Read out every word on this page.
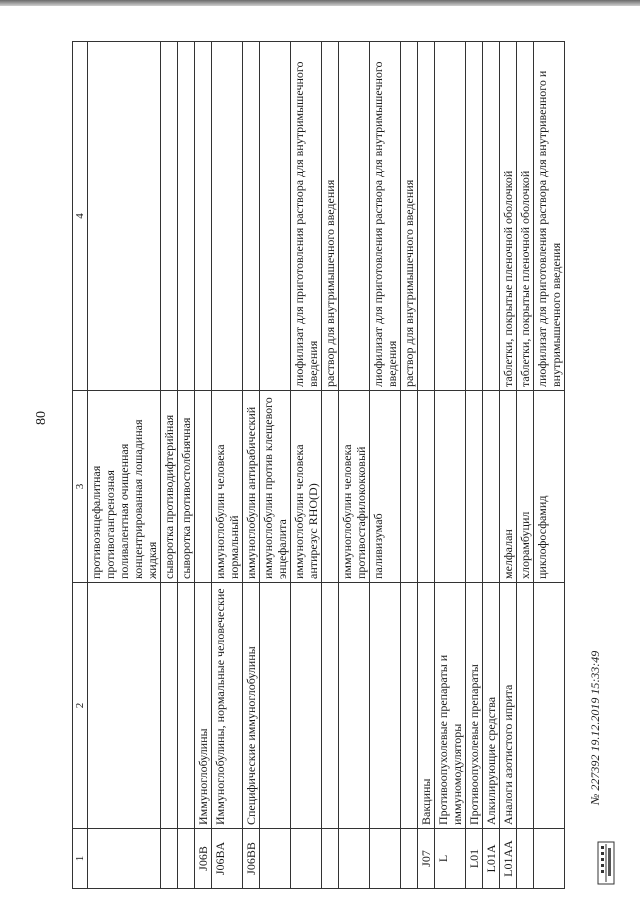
80
1	2	3	4
		противоэнцефалитная противогангренозная поливалентная очищенная концентрированная лошадиная жидкая	
		сыворотка противодифтерийная	
		сыворотка противостолбнячная	
J06B	Иммуноглобулины		
J06BA	Иммуноглобулины, нормальные человеческие	иммуноглобулин человека нормальный	
J06BB	Специфические иммуноглобулины	иммуноглобулин антирабический	
		иммуноглобулин против клещевого энцефалита	
		иммуноглобулин человека антирезус RHO(D)	лиофилизат для приготовления раствора для внутримышечного введения
			раствор для внутримышечного введения
		иммуноглобулин человека противостафилококковый	
		паливизумаб	лиофилизат для приготовления раствора для внутримышечного введения
			раствор для внутримышечного введения
J07	Вакцины		
L	Противоопухолевые препараты и иммуномодуляторы		
L01	Противоопухолевые препараты		
L01A	Алкилирующие средства		
L01AA	Аналоги азотистого иприта	мелфалан	таблетки, покрытые пленочной оболочкой
		хлорамбуцил	таблетки, покрытые пленочной оболочкой
		циклофосфамид	лиофилизат для приготовления раствора для внутривенного и внутримышечного введения
№ 227392 19.12.2019 15:33:49
